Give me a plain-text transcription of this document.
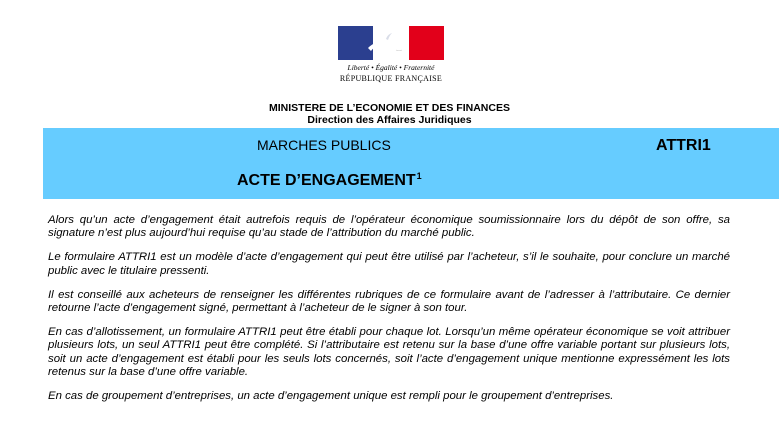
Liberté • Égalité • Fraternité
RÉPUBLIQUE FRANÇAISE
MINISTERE DE L’ECONOMIE ET DES FINANCES
Direction des Affaires Juridiques
MARCHES PUBLICS	ATTRI1
ACTE D’ENGAGEMENT$^1$

Alors qu’un acte d’engagement était autrefois requis de l’opérateur économique soumissionnaire lors du dépôt de son offre, sa signature n’est plus aujourd’hui requise qu’au stade de l’attribution du marché public.

Le formulaire ATTRI1 est un modèle d’acte d’engagement qui peut être utilisé par l’acheteur, s’il le souhaite, pour conclure un marché public avec le titulaire pressenti.

Il est conseillé aux acheteurs de renseigner les différentes rubriques de ce formulaire avant de l’adresser à l’attributaire. Ce dernier retourne l’acte d’engagement signé, permettant à l’acheteur de le signer à son tour.

En cas d’allotissement, un formulaire ATTRI1 peut être établi pour chaque lot. Lorsqu’un même opérateur économique se voit attribuer plusieurs lots, un seul ATTRI1 peut être complété. Si l’attributaire est retenu sur la base d’une offre variable portant sur plusieurs lots, soit un acte d’engagement est établi pour les seuls lots concernés, soit l’acte d’engagement unique mentionne expressément les lots retenus sur la base d’une offre variable.

En cas de groupement d’entreprises, un acte d’engagement unique est rempli pour le groupement d’entreprises.
